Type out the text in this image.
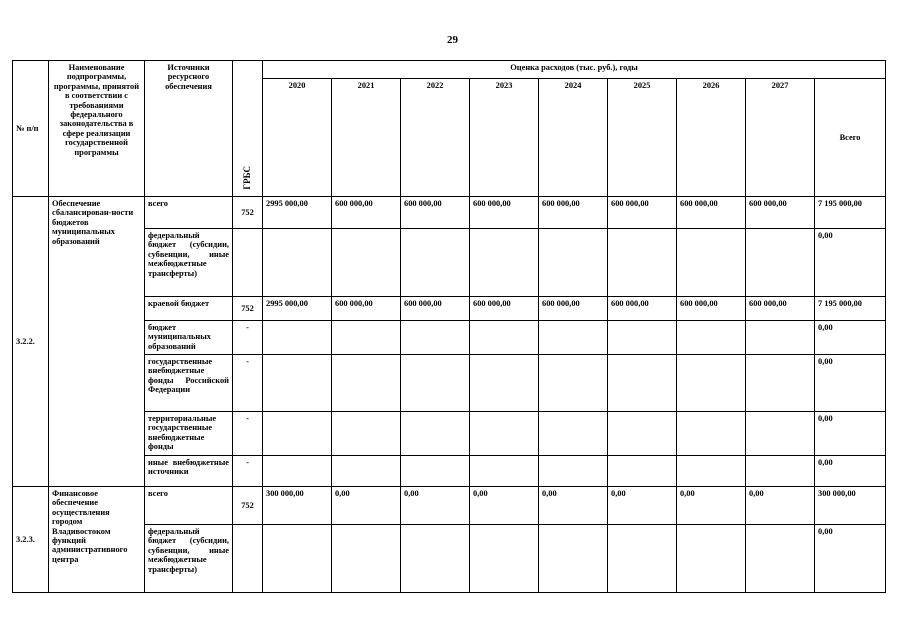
29
№ п/п	Наименование подпрограммы, программы, принятой в соответствии с требованиями федерального законодательства в сфере реализации государственной программы	Источники ресурсного обеспечения	ГРБС	Оценка расходов (тыс. руб.), годы								
				2020	2021	2022	2023	2024	2025	2026	2027	Всего
3.2.2.	Обеспечение сбалансирован-ности бюджетов муниципальных образований	всего	752	2995 000,00	600 000,00	600 000,00	600 000,00	600 000,00	600 000,00	600 000,00	600 000,00	7 195 000,00
		федеральный бюджет (субсидии, субвенции, иные межбюджетные трансферты)										0,00
		краевой бюджет	752	2995 000,00	600 000,00	600 000,00	600 000,00	600 000,00	600 000,00	600 000,00	600 000,00	7 195 000,00
		бюджет муниципальных образований	-									0,00
		государственные внебюджетные фонды Российской Федерации	-									0,00
		территориальные государственные внебюджетные фонды	-									0,00
		иные внебюджетные источники	-									0,00
3.2.3.	Финансовое обеспечение осуществления городом Владивостоком функций административного центра	всего	752	300 000,00	0,00	0,00	0,00	0,00	0,00	0,00	0,00	300 000,00
		федеральный бюджет (субсидии, субвенции, иные межбюджетные трансферты)										0,00
